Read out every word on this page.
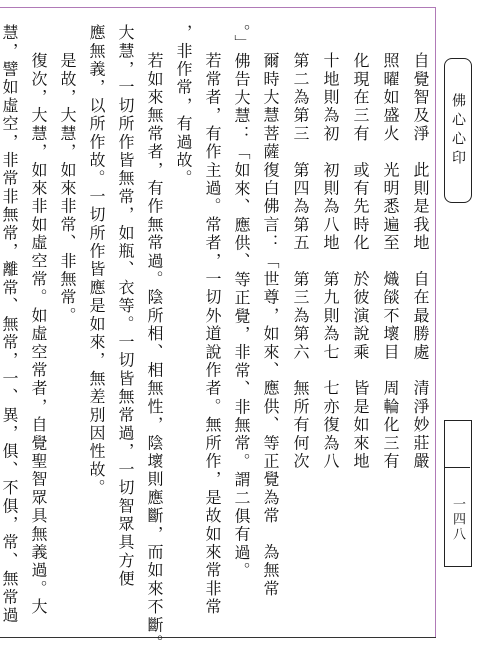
佛心心印
一四八
自覺智及淨　此則是我地　自在最勝處　清淨妙莊嚴
照曜如盛火　光明悉遍至　熾燄不壞目　周輪化三有
化現在三有　或有先時化　於彼演說乘　皆是如來地
十地則為初　初則為八地　第九則為七　七亦復為八
第二為第三　第四為第五　第三為第六　無所有何次
爾時大慧菩薩復白佛言：「世尊，如來、應供、等正覺為常　為無常
。」佛告大慧：「如來、應供、等正覺，非常、非無常。謂二俱有過。
若常者，有作主過。常者，一切外道說作者。無所作，是故如來常非常
，非作常，有過故。
若如來無常者，有作無常過。陰所相、相無性，陰壞則應斷，而如來不斷。
大慧，一切所作皆無常，如瓶、衣等。一切皆無常過，一切智眾具方便
應無義，以所作故。一切所作皆應是如來，無差別因性故。
是故，大慧，如來非常、非無常。
復次，大慧，如來非如虛空常。如虛空常者，自覺聖智眾具無義過。大
慧，譬如虛空，非常非無常，離常、無常，一、異，俱、不俱，常、無常過
